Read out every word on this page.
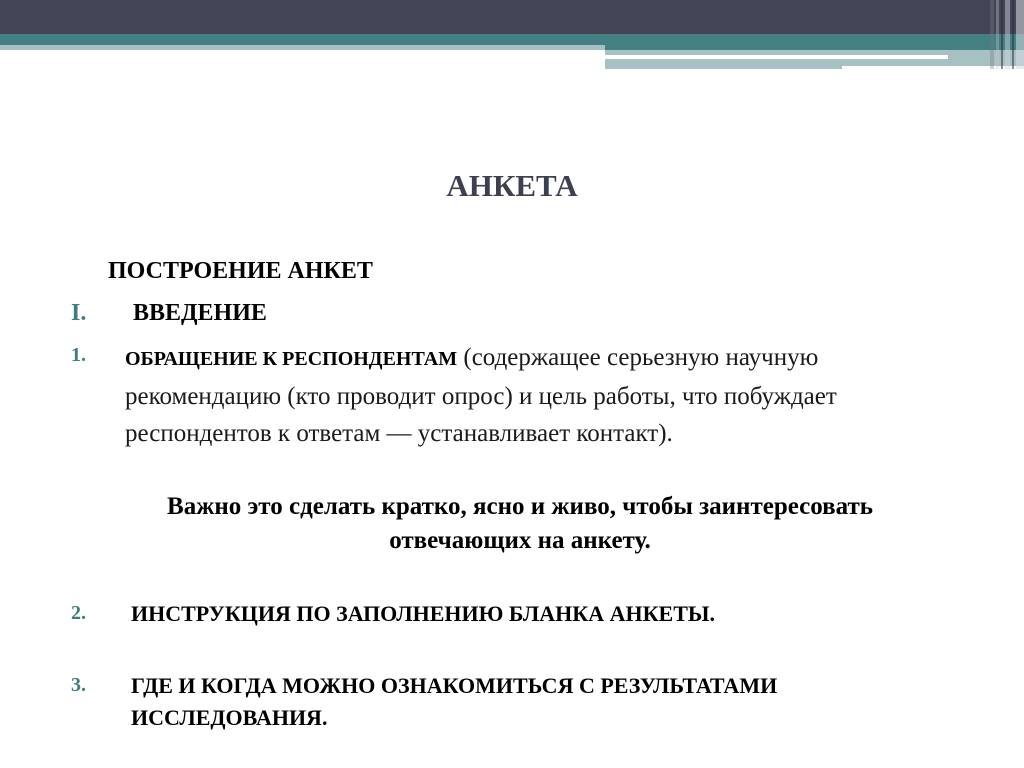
АНКЕТА
ПОСТРОЕНИЕ АНКЕТ
I. ВВЕДЕНИЕ
1. ОБРАЩЕНИЕ К РЕСПОНДЕНТАМ (содержащее серьезную научную рекомендацию (кто проводит опрос) и цель работы, что побуждает респондентов к ответам — устанавливает контакт).
Важно это сделать кратко, ясно и живо, чтобы заинтересовать отвечающих на анкету.
2. ИНСТРУКЦИЯ ПО ЗАПОЛНЕНИЮ БЛАНКА АНКЕТЫ.
3. ГДЕ И КОГДА МОЖНО ОЗНАКОМИТЬСЯ С РЕЗУЛЬТАТАМИ ИССЛЕДОВАНИЯ.
